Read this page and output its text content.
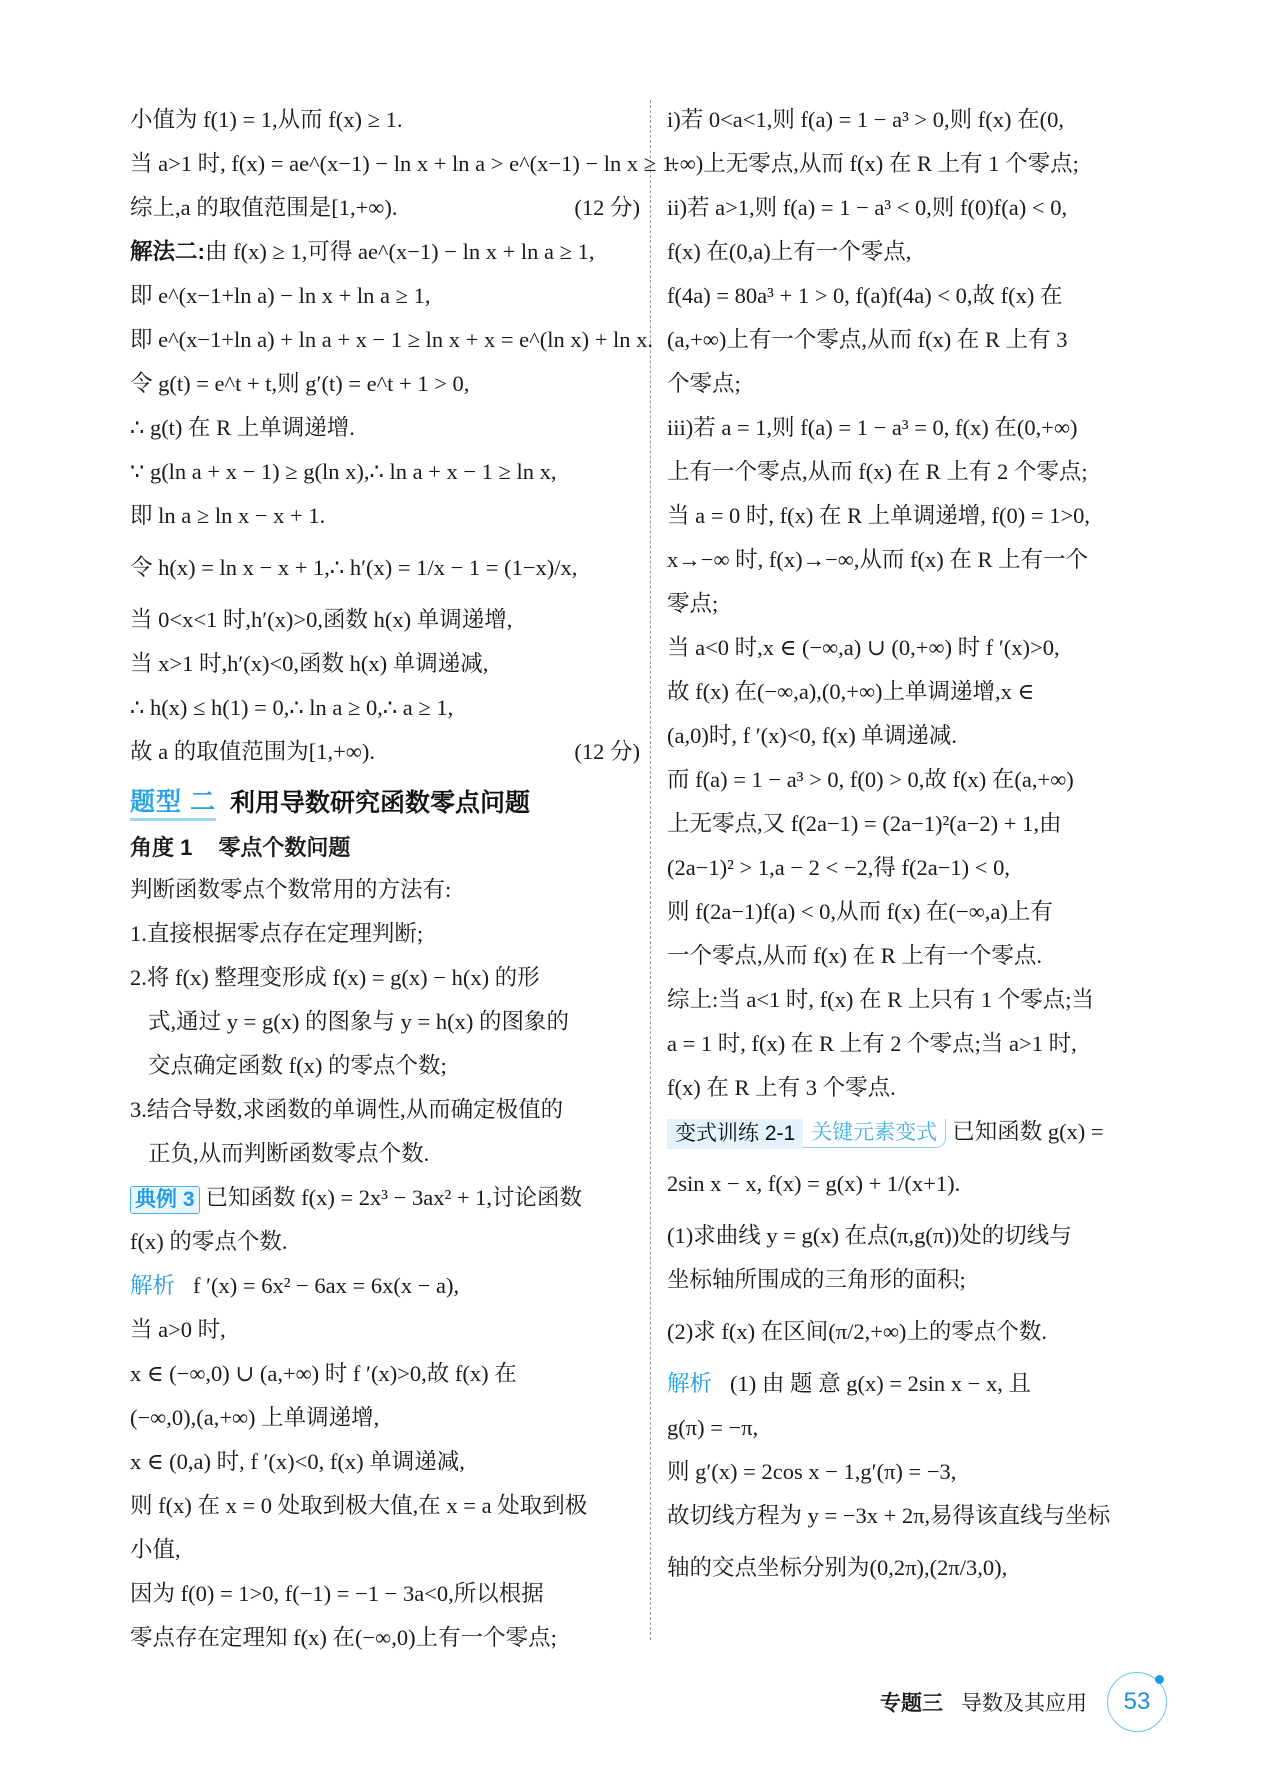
小值为 f(1) = 1,从而 f(x) ≥ 1.
当 a>1 时, f(x) = ae^(x−1) − ln x + ln a > e^(x−1) − ln x ≥ 1.
综上,a 的取值范围是[1,+∞).	(12 分)
解法二:由 f(x) ≥ 1,可得 ae^(x−1) − ln x + ln a ≥ 1,
即 e^(x−1+ln a) − ln x + ln a ≥ 1,
即 e^(x−1+ln a) + ln a + x − 1 ≥ ln x + x = e^(ln x) + ln x.
令 g(t) = e^t + t,则 g′(t) = e^t + 1 > 0,
∴ g(t) 在 R 上单调递增.
∵ g(ln a + x − 1) ≥ g(ln x),∴ ln a + x − 1 ≥ ln x,
即 ln a ≥ ln x − x + 1.
令 h(x) = ln x − x + 1,∴ h′(x) = 1/x − 1 = (1−x)/x,
当 0<x<1 时,h′(x)>0,函数 h(x) 单调递增,
当 x>1 时,h′(x)<0,函数 h(x) 单调递减,
∴ h(x) ≤ h(1) = 0,∴ ln a ≥ 0,∴ a ≥ 1,
故 a 的取值范围为[1,+∞).	(12 分)
题型 二 利用导数研究函数零点问题
角度 1 零点个数问题
判断函数零点个数常用的方法有:
1.直接根据零点存在定理判断;
2.将 f(x) 整理变形成 f(x) = g(x) − h(x) 的形
式,通过 y = g(x) 的图象与 y = h(x) 的图象的
交点确定函数 f(x) 的零点个数;
3.结合导数,求函数的单调性,从而确定极值的
正负,从而判断函数零点个数.
典例 3 已知函数 f(x) = 2x³ − 3ax² + 1,讨论函数
f(x) 的零点个数.
解析 f ′(x) = 6x² − 6ax = 6x(x − a),
当 a>0 时,
x ∈ (−∞,0) ∪ (a,+∞) 时 f ′(x)>0,故 f(x) 在
(−∞,0),(a,+∞) 上单调递增,
x ∈ (0,a) 时, f ′(x)<0, f(x) 单调递减,
则 f(x) 在 x = 0 处取到极大值,在 x = a 处取到极
小值,
因为 f(0) = 1>0, f(−1) = −1 − 3a<0,所以根据
零点存在定理知 f(x) 在(−∞,0)上有一个零点;
i)若 0<a<1,则 f(a) = 1 − a³ > 0,则 f(x) 在(0,
+∞)上无零点,从而 f(x) 在 R 上有 1 个零点;
ii)若 a>1,则 f(a) = 1 − a³ < 0,则 f(0)f(a) < 0,
f(x) 在(0,a)上有一个零点,
f(4a) = 80a³ + 1 > 0, f(a)f(4a) < 0,故 f(x) 在
(a,+∞)上有一个零点,从而 f(x) 在 R 上有 3
个零点;
iii)若 a = 1,则 f(a) = 1 − a³ = 0, f(x) 在(0,+∞)
上有一个零点,从而 f(x) 在 R 上有 2 个零点;
当 a = 0 时, f(x) 在 R 上单调递增, f(0) = 1>0,
x→−∞ 时, f(x)→−∞,从而 f(x) 在 R 上有一个
零点;
当 a<0 时,x ∈ (−∞,a) ∪ (0,+∞) 时 f ′(x)>0,
故 f(x) 在(−∞,a),(0,+∞)上单调递增,x ∈
(a,0)时, f ′(x)<0, f(x) 单调递减.
而 f(a) = 1 − a³ > 0, f(0) > 0,故 f(x) 在(a,+∞)
上无零点,又 f(2a−1) = (2a−1)²(a−2) + 1,由
(2a−1)² > 1,a − 2 < −2,得 f(2a−1) < 0,
则 f(2a−1)f(a) < 0,从而 f(x) 在(−∞,a)上有
一个零点,从而 f(x) 在 R 上有一个零点.
综上:当 a<1 时, f(x) 在 R 上只有 1 个零点;当
a = 1 时, f(x) 在 R 上有 2 个零点;当 a>1 时,
f(x) 在 R 上有 3 个零点.
变式训练 2-1 关键元素变式 已知函数 g(x) =
2sin x − x, f(x) = g(x) + 1/(x+1).
(1)求曲线 y = g(x) 在点(π,g(π))处的切线与
坐标轴所围成的三角形的面积;
(2)求 f(x) 在区间(π/2,+∞)上的零点个数.
解析 (1) 由 题 意 g(x) = 2sin x − x, 且
g(π) = −π,
则 g′(x) = 2cos x − 1,g′(π) = −3,
故切线方程为 y = −3x + 2π,易得该直线与坐标
轴的交点坐标分别为(0,2π),(2π/3,0),
专题三 导数及其应用 53
